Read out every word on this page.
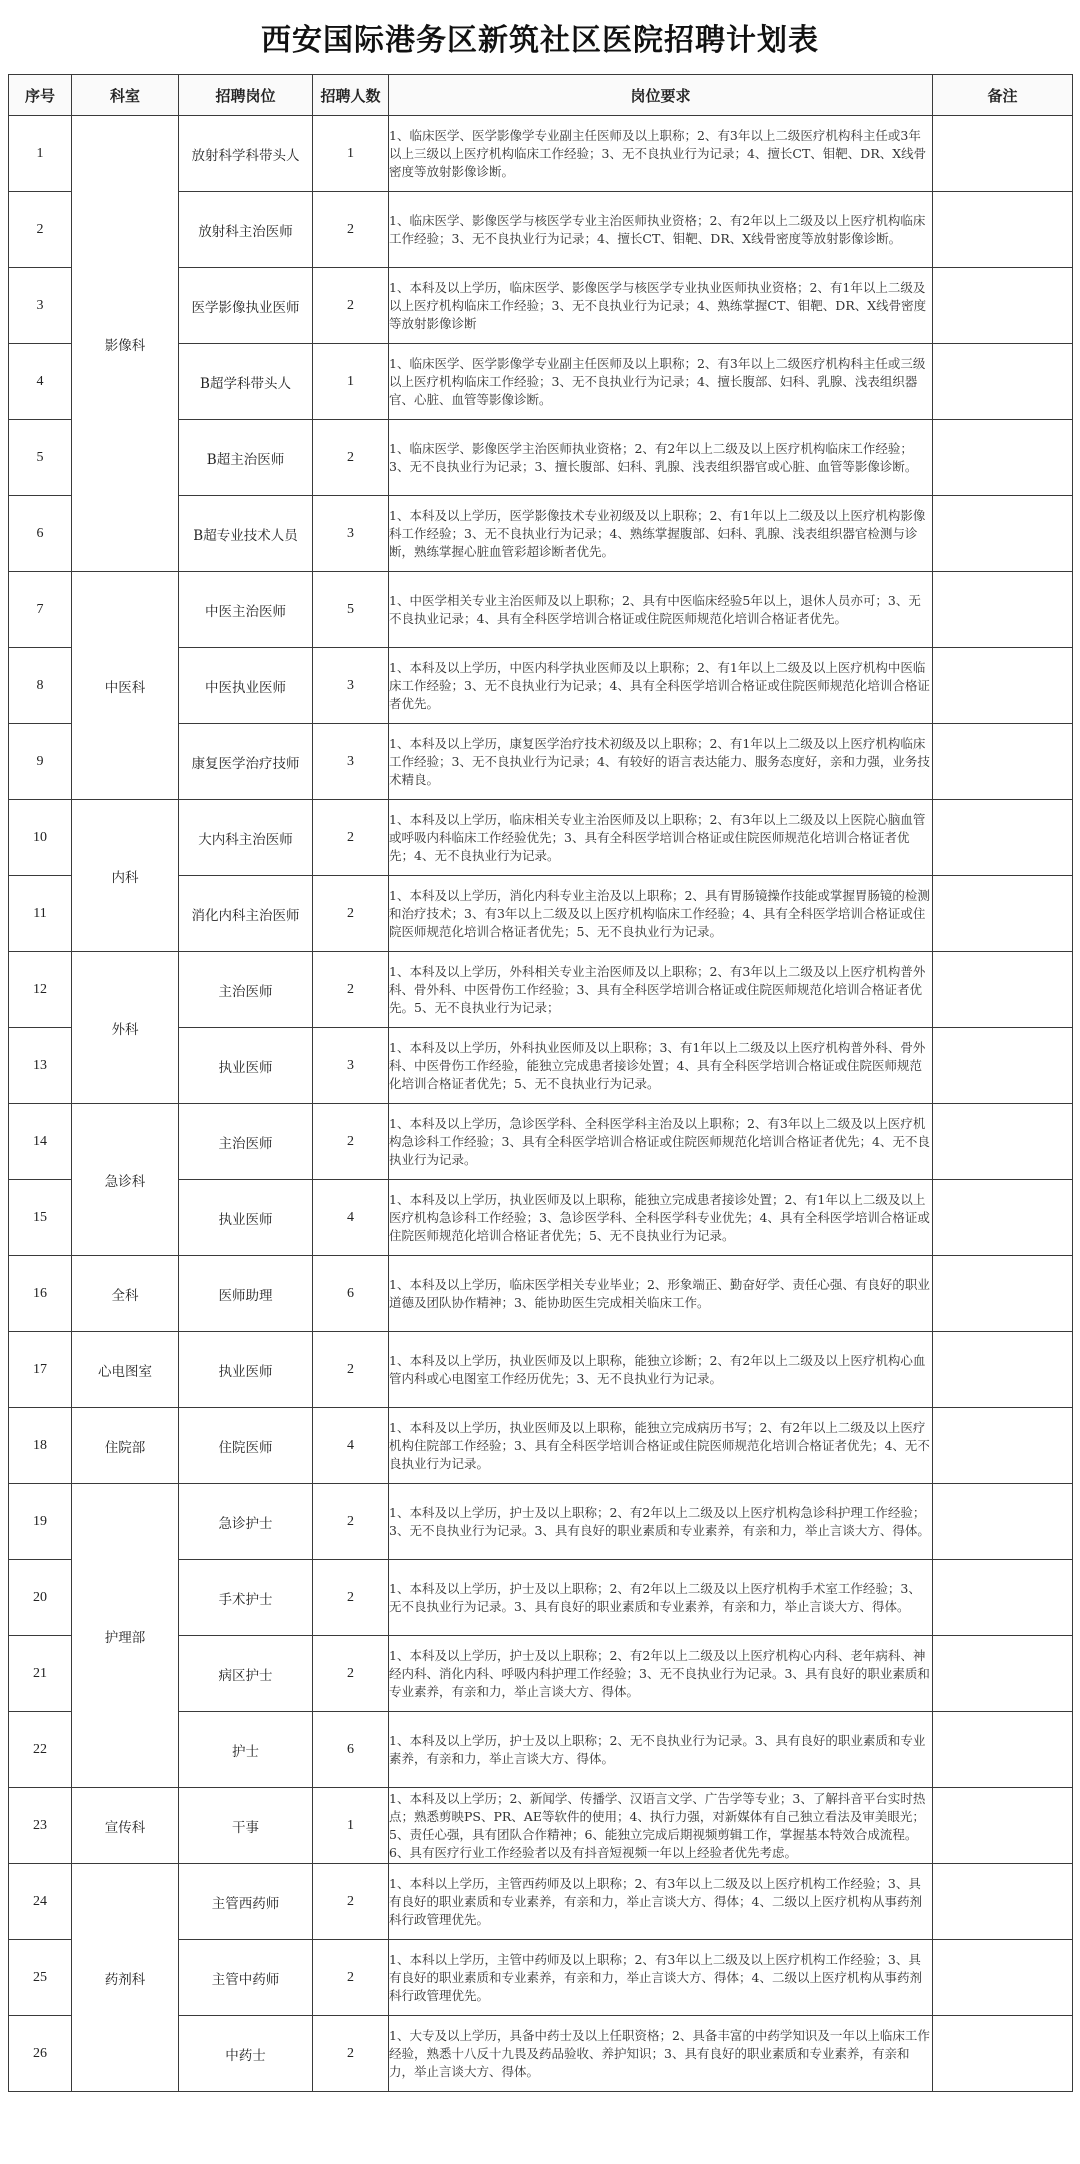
西安国际港务区新筑社区医院招聘计划表
序号	科室	招聘岗位	招聘人数	岗位要求	备注
1	影像科	放射科学科带头人	1	1、临床医学、医学影像学专业副主任医师及以上职称；2、有3年以上二级医疗机构科主任或3年以上三级以上医疗机构临床工作经验；3、无不良执业行为记录；4、擅长CT、钼靶、DR、X线骨密度等放射影像诊断。	
2		放射科主治医师	2	1、临床医学、影像医学与核医学专业主治医师执业资格；2、有2年以上二级及以上医疗机构临床工作经验；3、无不良执业行为记录；4、擅长CT、钼靶、DR、X线骨密度等放射影像诊断。	
3		医学影像执业医师	2	1、本科及以上学历，临床医学、影像医学与核医学专业执业医师执业资格；2、有1年以上二级及以上医疗机构临床工作经验；3、无不良执业行为记录；4、熟练掌握CT、钼靶、DR、X线骨密度等放射影像诊断	
4		B超学科带头人	1	1、临床医学、医学影像学专业副主任医师及以上职称；2、有3年以上二级医疗机构科主任或三级以上医疗机构临床工作经验；3、无不良执业行为记录；4、擅长腹部、妇科、乳腺、浅表组织器官、心脏、血管等影像诊断。	
5		B超主治医师	2	1、临床医学、影像医学主治医师执业资格；2、有2年以上二级及以上医疗机构临床工作经验；3、无不良执业行为记录；3、擅长腹部、妇科、乳腺、浅表组织器官或心脏、血管等影像诊断。	
6		B超专业技术人员	3	1、本科及以上学历，医学影像技术专业初级及以上职称；2、有1年以上二级及以上医疗机构影像科工作经验；3、无不良执业行为记录；4、熟练掌握腹部、妇科、乳腺、浅表组织器官检测与诊断，熟练掌握心脏血管彩超诊断者优先。	
7	中医科	中医主治医师	5	1、中医学相关专业主治医师及以上职称；2、具有中医临床经验5年以上，退休人员亦可；3、无不良执业记录；4、具有全科医学培训合格证或住院医师规范化培训合格证者优先。	
8		中医执业医师	3	1、本科及以上学历，中医内科学执业医师及以上职称；2、有1年以上二级及以上医疗机构中医临床工作经验；3、无不良执业行为记录；4、具有全科医学培训合格证或住院医师规范化培训合格证者优先。	
9		康复医学治疗技师	3	1、本科及以上学历，康复医学治疗技术初级及以上职称；2、有1年以上二级及以上医疗机构临床工作经验；3、无不良执业行为记录；4、有较好的语言表达能力、服务态度好，亲和力强，业务技术精良。	
10	内科	大内科主治医师	2	1、本科及以上学历，临床相关专业主治医师及以上职称；2、有3年以上二级及以上医院心脑血管或呼吸内科临床工作经验优先；3、具有全科医学培训合格证或住院医师规范化培训合格证者优先；4、无不良执业行为记录。	
11		消化内科主治医师	2	1、本科及以上学历，消化内科专业主治及以上职称；2、具有胃肠镜操作技能或掌握胃肠镜的检测和治疗技术；3、有3年以上二级及以上医疗机构临床工作经验；4、具有全科医学培训合格证或住院医师规范化培训合格证者优先；5、无不良执业行为记录。	
12	外科	主治医师	2	1、本科及以上学历，外科相关专业主治医师及以上职称；2、有3年以上二级及以上医疗机构普外科、骨外科、中医骨伤工作经验；3、具有全科医学培训合格证或住院医师规范化培训合格证者优先。5、无不良执业行为记录；	
13		执业医师	3	1、本科及以上学历，外科执业医师及以上职称；3、有1年以上二级及以上医疗机构普外科、骨外科、中医骨伤工作经验，能独立完成患者接诊处置；4、具有全科医学培训合格证或住院医师规范化培训合格证者优先；5、无不良执业行为记录。	
14	急诊科	主治医师	2	1、本科及以上学历，急诊医学科、全科医学科主治及以上职称；2、有3年以上二级及以上医疗机构急诊科工作经验；3、具有全科医学培训合格证或住院医师规范化培训合格证者优先；4、无不良执业行为记录。	
15		执业医师	4	1、本科及以上学历，执业医师及以上职称，能独立完成患者接诊处置；2、有1年以上二级及以上医疗机构急诊科工作经验；3、急诊医学科、全科医学科专业优先；4、具有全科医学培训合格证或住院医师规范化培训合格证者优先；5、无不良执业行为记录。	
16	全科	医师助理	6	1、本科及以上学历，临床医学相关专业毕业；2、形象端正、勤奋好学、责任心强、有良好的职业道德及团队协作精神；3、能协助医生完成相关临床工作。	
17	心电图室	执业医师	2	1、本科及以上学历，执业医师及以上职称，能独立诊断；2、有2年以上二级及以上医疗机构心血管内科或心电图室工作经历优先；3、无不良执业行为记录。	
18	住院部	住院医师	4	1、本科及以上学历，执业医师及以上职称，能独立完成病历书写；2、有2年以上二级及以上医疗机构住院部工作经验；3、具有全科医学培训合格证或住院医师规范化培训合格证者优先；4、无不良执业行为记录。	
19	护理部	急诊护士	2	1、本科及以上学历，护士及以上职称；2、有2年以上二级及以上医疗机构急诊科护理工作经验；3、无不良执业行为记录。3、具有良好的职业素质和专业素养，有亲和力，举止言谈大方、得体。	
20		手术护士	2	1、本科及以上学历，护士及以上职称；2、有2年以上二级及以上医疗机构手术室工作经验；3、无不良执业行为记录。3、具有良好的职业素质和专业素养，有亲和力，举止言谈大方、得体。	
21		病区护士	2	1、本科及以上学历，护士及以上职称；2、有2年以上二级及以上医疗机构心内科、老年病科、神经内科、消化内科、呼吸内科护理工作经验；3、无不良执业行为记录。3、具有良好的职业素质和专业素养，有亲和力，举止言谈大方、得体。	
22		护士	6	1、本科及以上学历，护士及以上职称；2、无不良执业行为记录。3、具有良好的职业素质和专业素养，有亲和力，举止言谈大方、得体。	
23	宣传科	干事	1	1、本科及以上学历；2、新闻学、传播学、汉语言文学、广告学等专业；3、了解抖音平台实时热点；熟悉剪映PS、PR、AE等软件的使用；4、执行力强，对新媒体有自己独立看法及审美眼光；5、责任心强，具有团队合作精神；6、能独立完成后期视频剪辑工作，掌握基本特效合成流程。6、具有医疗行业工作经验者以及有抖音短视频一年以上经验者优先考虑。	
24	药剂科	主管西药师	2	1、本科以上学历，主管西药师及以上职称；2、有3年以上二级及以上医疗机构工作经验；3、具有良好的职业素质和专业素养，有亲和力，举止言谈大方、得体；4、二级以上医疗机构从事药剂科行政管理优先。	
25		主管中药师	2	1、本科以上学历，主管中药师及以上职称；2、有3年以上二级及以上医疗机构工作经验；3、具有良好的职业素质和专业素养，有亲和力，举止言谈大方、得体；4、二级以上医疗机构从事药剂科行政管理优先。	
26		中药士	2	1、大专及以上学历，具备中药士及以上任职资格；2、具备丰富的中药学知识及一年以上临床工作经验，熟悉十八反十九畏及药品验收、养护知识；3、具有良好的职业素质和专业素养，有亲和力，举止言谈大方、得体。	
